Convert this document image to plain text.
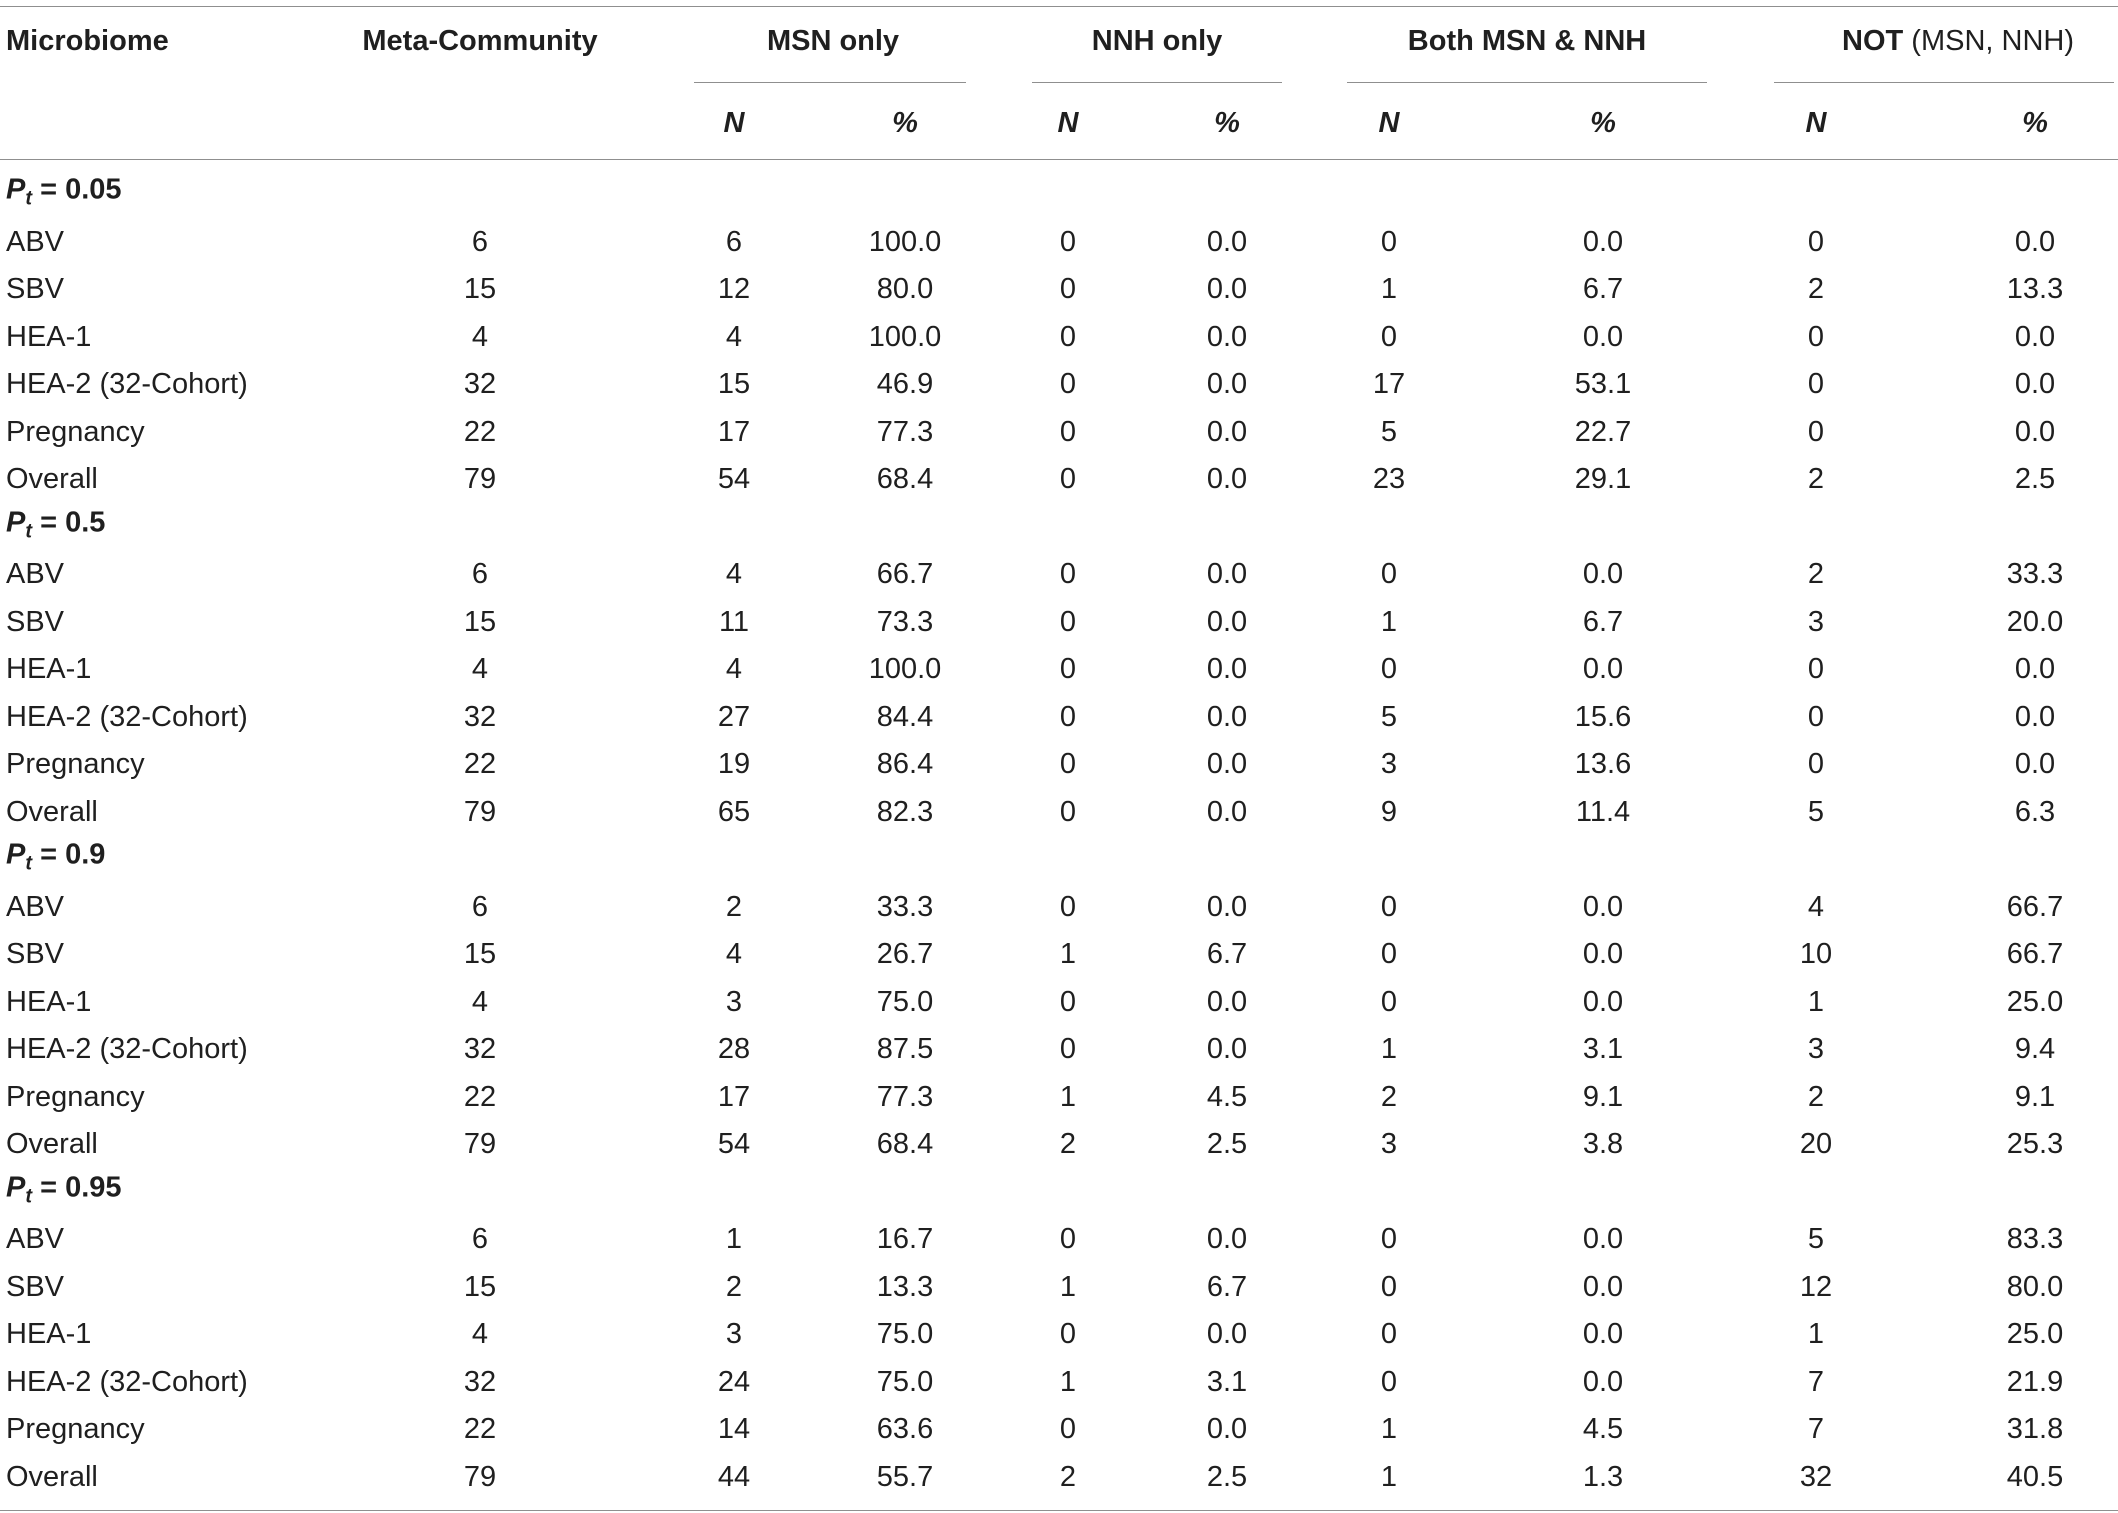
Microbiome	Meta-Community	MSN only	NNH only	Both MSN & NNH	NOT (MSN, NNH)
N	%	N	%	N	%	N	%
$P_t = 0.05$
ABV	6	6	100.0	0	0.0	0	0.0	0	0.0
SBV	15	12	80.0	0	0.0	1	6.7	2	13.3
HEA-1	4	4	100.0	0	0.0	0	0.0	0	0.0
HEA-2 (32-Cohort)	32	15	46.9	0	0.0	17	53.1	0	0.0
Pregnancy	22	17	77.3	0	0.0	5	22.7	0	0.0
Overall	79	54	68.4	0	0.0	23	29.1	2	2.5
$P_t = 0.5$
ABV	6	4	66.7	0	0.0	0	0.0	2	33.3
SBV	15	11	73.3	0	0.0	1	6.7	3	20.0
HEA-1	4	4	100.0	0	0.0	0	0.0	0	0.0
HEA-2 (32-Cohort)	32	27	84.4	0	0.0	5	15.6	0	0.0
Pregnancy	22	19	86.4	0	0.0	3	13.6	0	0.0
Overall	79	65	82.3	0	0.0	9	11.4	5	6.3
$P_t = 0.9$
ABV	6	2	33.3	0	0.0	0	0.0	4	66.7
SBV	15	4	26.7	1	6.7	0	0.0	10	66.7
HEA-1	4	3	75.0	0	0.0	0	0.0	1	25.0
HEA-2 (32-Cohort)	32	28	87.5	0	0.0	1	3.1	3	9.4
Pregnancy	22	17	77.3	1	4.5	2	9.1	2	9.1
Overall	79	54	68.4	2	2.5	3	3.8	20	25.3
$P_t = 0.95$
ABV	6	1	16.7	0	0.0	0	0.0	5	83.3
SBV	15	2	13.3	1	6.7	0	0.0	12	80.0
HEA-1	4	3	75.0	0	0.0	0	0.0	1	25.0
HEA-2 (32-Cohort)	32	24	75.0	1	3.1	0	0.0	7	21.9
Pregnancy	22	14	63.6	0	0.0	1	4.5	7	31.8
Overall	79	44	55.7	2	2.5	1	1.3	32	40.5
